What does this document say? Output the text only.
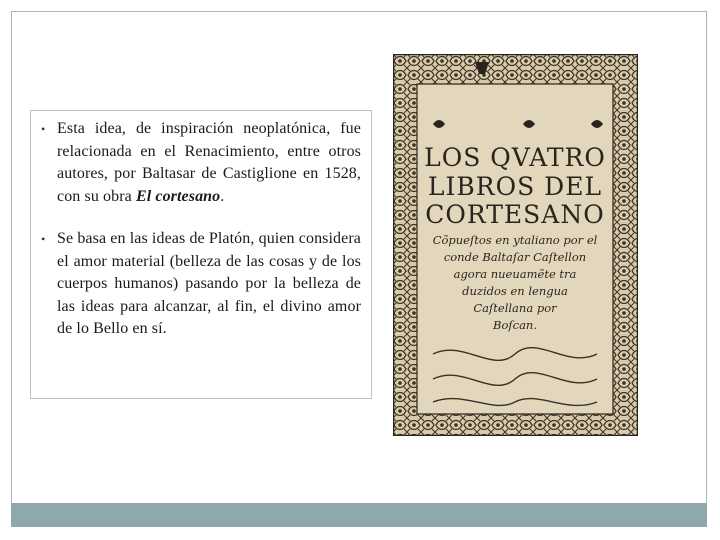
• Esta idea, de inspiración neoplatónica, fue relacionada en el Renacimiento, entre otros autores, por Baltasar de Castiglione en 1528, con su obra El cortesano.
• Se basa en las ideas de Platón, quien considera el amor material (belleza de las cosas y de los cuerpos humanos) pasando por la belleza de las ideas para alcanzar, al fin, el divino amor de lo Bello en sí.
LOS QVATRO
LIBROS DEL
CORTESANO
Cõpueſtos en ytaliano por el
conde Baltaſar Caſtellon
agora nueuamẽte tra
duzidos en lengua
Caſtellana por
Boſcan.
